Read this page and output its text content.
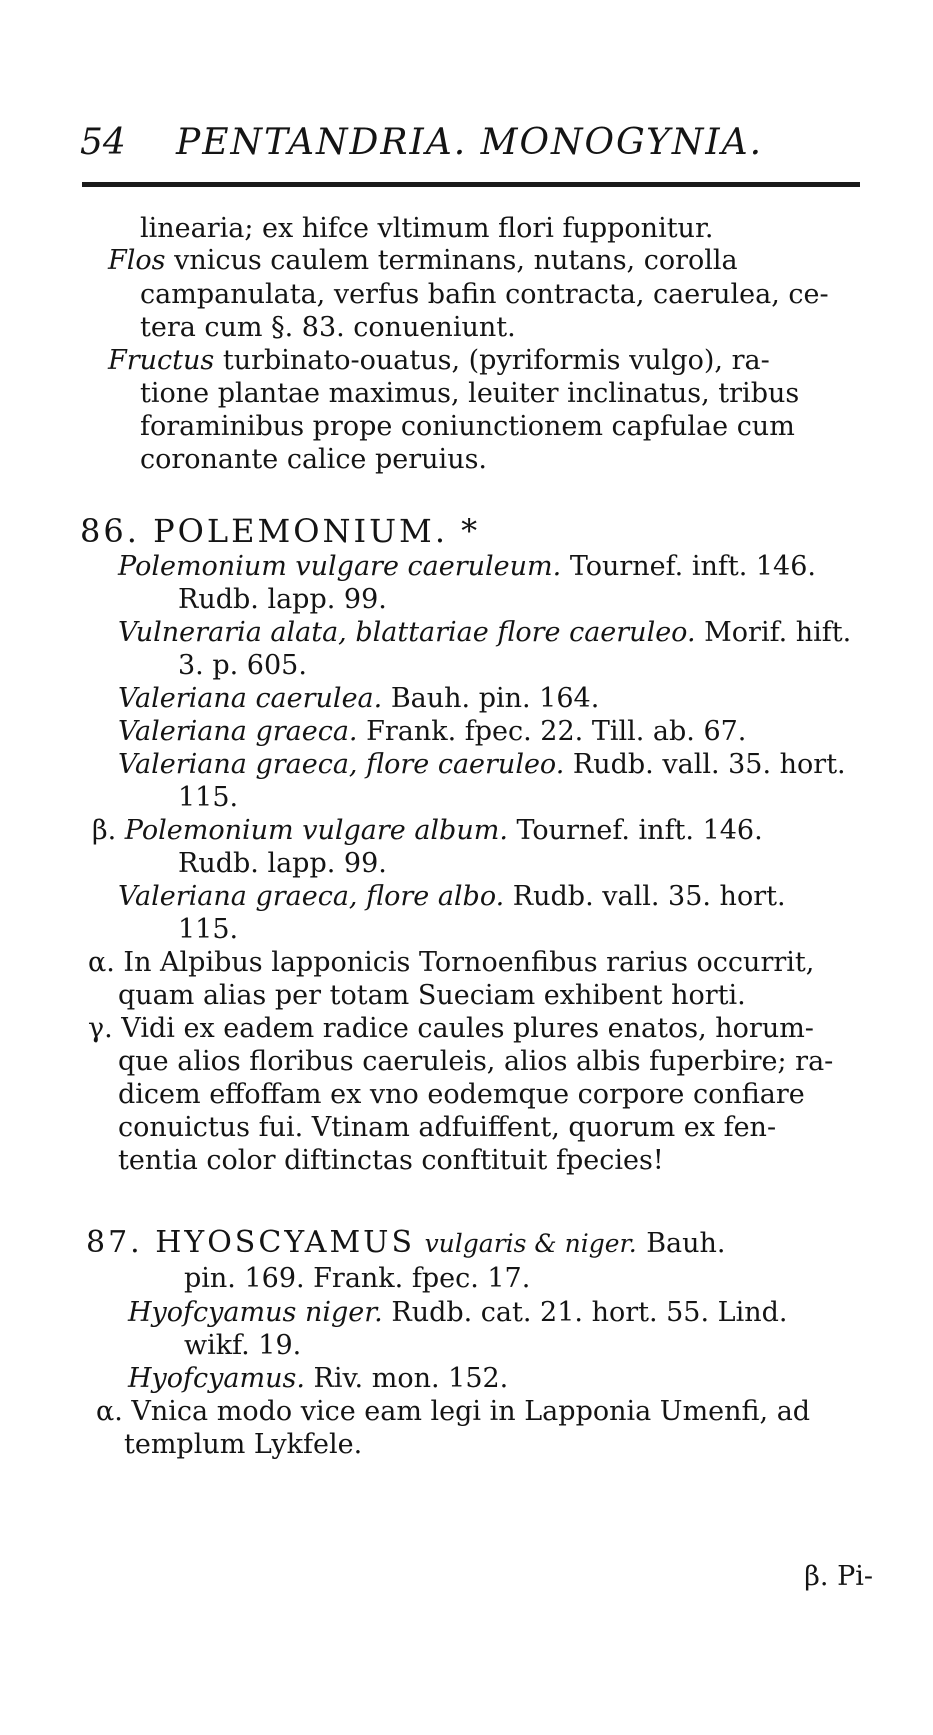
54 PENTANDRIA. MONOGYNIA.
linearia; ex hifce vltimum flori fupponitur.
Flos vnicus caulem terminans, nutans, corolla
campanulata, verfus bafin contracta, caerulea, ce-
tera cum §. 83. conueniunt.
Fructus turbinato-ouatus, (pyriformis vulgo), ra-
tione plantae maximus, leuiter inclinatus, tribus
foraminibus prope coniunctionem capfulae cum
coronante calice peruius.
86. POLEMONIUM. *
Polemonium vulgare caeruleum. Tournef. inft. 146.
Rudb. lapp. 99.
Vulneraria alata, blattariae flore caeruleo. Morif. hift.
3. p. 605.
Valeriana caerulea. Bauh. pin. 164.
Valeriana graeca. Frank. fpec. 22. Till. ab. 67.
Valeriana graeca, flore caeruleo. Rudb. vall. 35. hort.
115.
β. Polemonium vulgare album. Tournef. inft. 146.
Rudb. lapp. 99.
Valeriana graeca, flore albo. Rudb. vall. 35. hort.
115.
α. In Alpibus lapponicis Tornoenfibus rarius occurrit,
quam alias per totam Sueciam exhibent horti.
γ. Vidi ex eadem radice caules plures enatos, horum-
que alios floribus caeruleis, alios albis fuperbire; ra-
dicem effoffam ex vno eodemque corpore confiare
conuictus fui. Vtinam adfuiffent, quorum ex fen-
tentia color diftinctas conftituit fpecies!
87. HYOSCYAMUS vulgaris & niger. Bauh.
pin. 169. Frank. fpec. 17.
Hyofcyamus niger. Rudb. cat. 21. hort. 55. Lind.
wikf. 19.
Hyofcyamus. Riv. mon. 152.
α. Vnica modo vice eam legi in Lapponia Umenfi, ad
templum Lykfele.
β. Pi-
